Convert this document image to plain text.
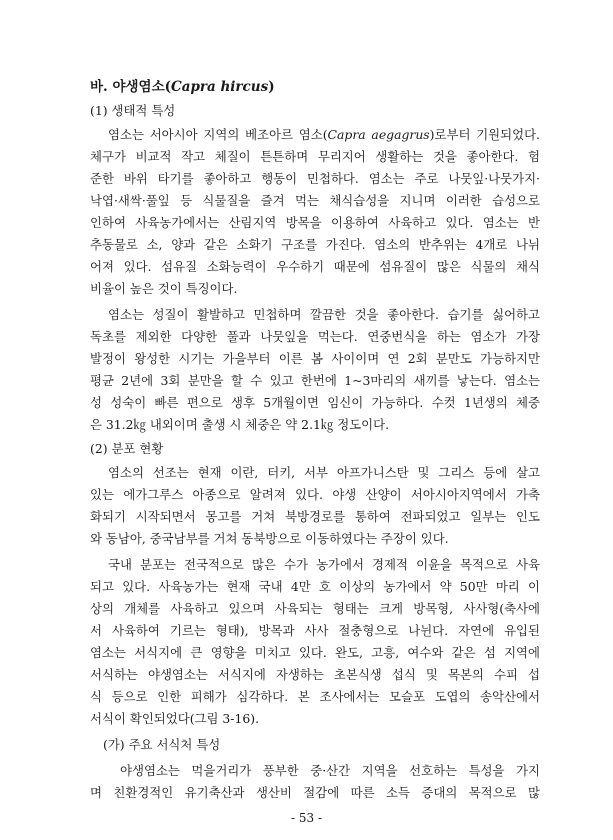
바. 야생염소(Capra hircus)
(1) 생태적 특성
염소는 서아시아 지역의 베조아르 염소(Capra aegagrus)로부터 기원되었다.
체구가 비교적 작고 체질이 튼튼하며 무리지어 생활하는 것을 좋아한다. 험
준한 바위 타기를 좋아하고 행동이 민첩하다. 염소는 주로 나뭇잎·나뭇가지·
낙엽·새싹·풀잎 등 식물질을 즐겨 먹는 채식습성을 지니며 이러한 습성으로
인하여 사육농가에서는 산림지역 방목을 이용하여 사육하고 있다. 염소는 반
추동물로 소, 양과 같은 소화기 구조를 가진다. 염소의 반추위는 4개로 나뉘
어져 있다. 섬유질 소화능력이 우수하기 때문에 섬유질이 많은 식물의 채식
비율이 높은 것이 특징이다.
염소는 성질이 활발하고 민첩하며 깔끔한 것을 좋아한다. 습기를 싫어하고
독초를 제외한 다양한 풀과 나뭇잎을 먹는다. 연중번식을 하는 염소가 가장
발정이 왕성한 시기는 가을부터 이른 봄 사이이며 연 2회 분만도 가능하지만
평균 2년에 3회 분만을 할 수 있고 한번에 1~3마리의 새끼를 낳는다. 염소는
성 성숙이 빠른 편으로 생후 5개월이면 임신이 가능하다. 수컷 1년생의 체중
은 31.2㎏ 내외이며 출생 시 체중은 약 2.1㎏ 정도이다.
(2) 분포 현황
염소의 선조는 현재 이란, 터키, 서부 아프가니스탄 및 그리스 등에 살고
있는 에가그루스 아종으로 알려져 있다. 야생 산양이 서아시아지역에서 가축
화되기 시작되면서 몽고를 거쳐 북방경로를 통하여 전파되었고 일부는 인도
와 동남아, 중국남부를 거쳐 동북방으로 이동하였다는 주장이 있다.
국내 분포는 전국적으로 많은 수가 농가에서 경제적 이윤을 목적으로 사육
되고 있다. 사육농가는 현재 국내 4만 호 이상의 농가에서 약 50만 마리 이
상의 개체를 사육하고 있으며 사육되는 형태는 크게 방목형, 사사형(축사에
서 사육하여 기르는 형태), 방목과 사사 절충형으로 나뉜다. 자연에 유입된
염소는 서식지에 큰 영향을 미치고 있다. 완도, 고흥, 여수와 같은 섬 지역에
서식하는 야생염소는 서식지에 자생하는 초본식생 섭식 및 목본의 수피 섭
식 등으로 인한 피해가 심각하다. 본 조사에서는 모슬포 도엽의 송악산에서
서식이 확인되었다(그림 3-16).
(가) 주요 서식처 특성
야생염소는 먹을거리가 풍부한 중·산간 지역을 선호하는 특성을 가지
며 친환경적인 유기축산과 생산비 절감에 따른 소득 증대의 목적으로 많
- 53 -
